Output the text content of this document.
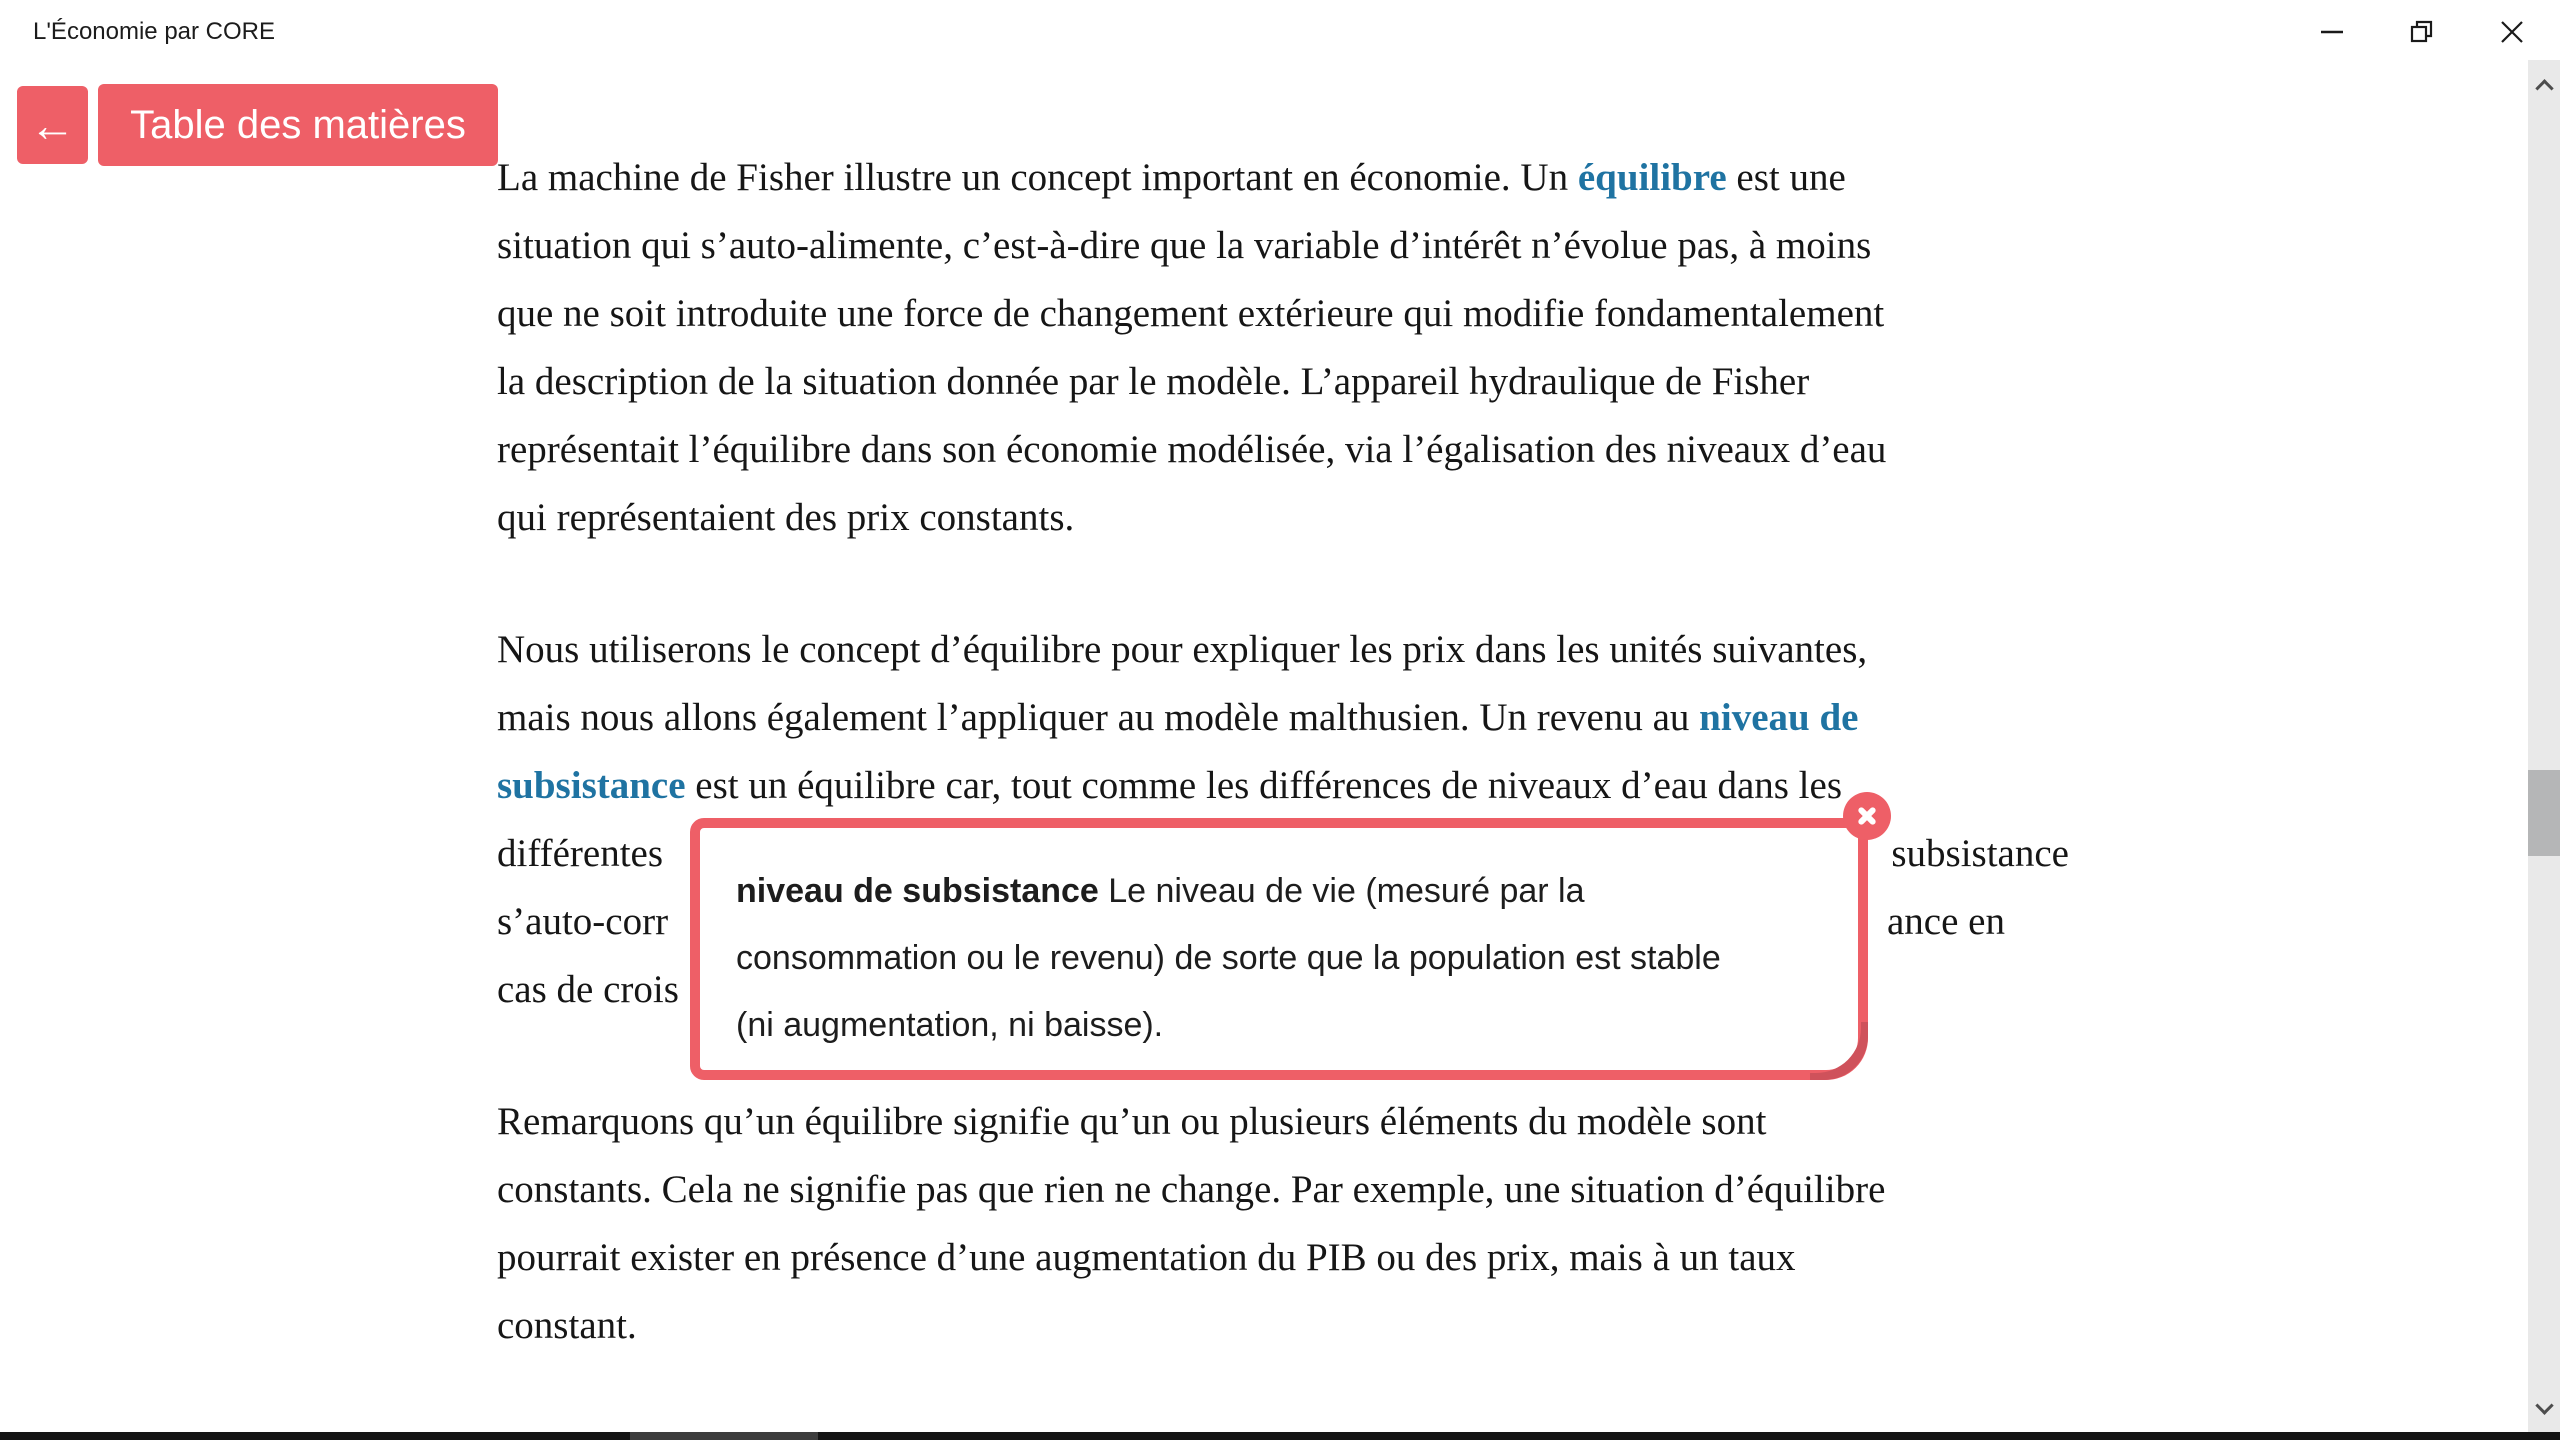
L'Économie par CORE
←	Table des matières
La machine de Fisher illustre un concept important en économie. Un équilibre est une
situation qui s’auto-alimente, c’est-à-dire que la variable d’intérêt n’évolue pas, à moins
que ne soit introduite une force de changement extérieure qui modifie fondamentalement
la description de la situation donnée par le modèle. L’appareil hydraulique de Fisher
représentait l’équilibre dans son économie modélisée, via l’égalisation des niveaux d’eau
qui représentaient des prix constants.
Nous utiliserons le concept d’équilibre pour expliquer les prix dans les unités suivantes,
mais nous allons également l’appliquer au modèle malthusien. Un revenu au niveau de
subsistance est un équilibre car, tout comme les différences de niveaux d’eau dans les
différentes	subsistance
s’auto-corr	ance en
cas de crois
Remarquons qu’un équilibre signifie qu’un ou plusieurs éléments du modèle sont
constants. Cela ne signifie pas que rien ne change. Par exemple, une situation d’équilibre
pourrait exister en présence d’une augmentation du PIB ou des prix, mais à un taux
constant.

niveau de subsistance Le niveau de vie (mesuré par la

consommation ou le revenu) de sorte que la population est stable

(ni augmentation, ni baisse).
